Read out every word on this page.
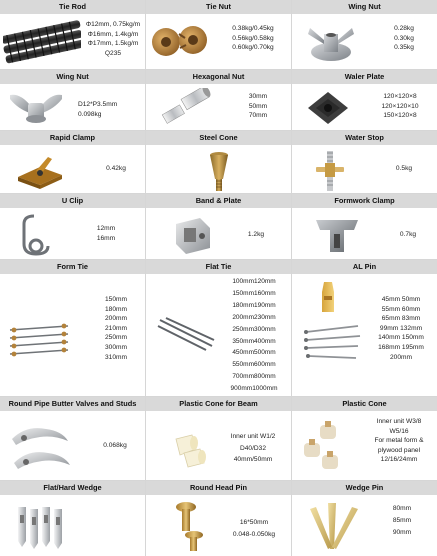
Tie Rod
Φ12mm, 0.75kg/m
Φ16mm, 1.4kg/m
Φ17mm, 1.5kg/m
Q235
Tie Nut
0.38kg/0.45kg
0.56kg/0.58kg
0.60kg/0.70kg
Wing Nut
0.28kg
0.30kg
0.35kg
Wing Nut
D12*P3.5mm
0.098kg
Hexagonal Nut
30mm
50mm
70mm
Waler Plate
120×120×8
120×120×10
150×120×8
Rapid Clamp
0.42kg
Steel Cone	Water Stop
0.5kg
U Clip
12mm
16mm
Band & Plate
1.2kg
Formwork Clamp
0.7kg
Form Tie
150mm
180mm
200mm
210mm
250mm
300mm
310mm
Flat Tie
100mm120mm
150mm160mm
180mm190mm
200mm230mm
250mm300mm
350mm400mm
450mm500mm
550mm600mm
700mm800mm
900mm1000mm
AL Pin
45mm 50mm
55mm 60mm
65mm 83mm
99mm 132mm
140mm 150mm
168mm 195mm
200mm
Round Pipe Butter Valves and Studs
0.068kg
Plastic Cone for Beam
Inner unit W1/2
D40/D32
40mm/50mm
Plastic Cone
Inner unit W3/8
W5/16
For metal form &
plywood panel
12/16/24mm
Flat/Hard Wedge	Round Head Pin
16*50mm
0.048-0.050kg
Wedge Pin
80mm
85mm
90mm
